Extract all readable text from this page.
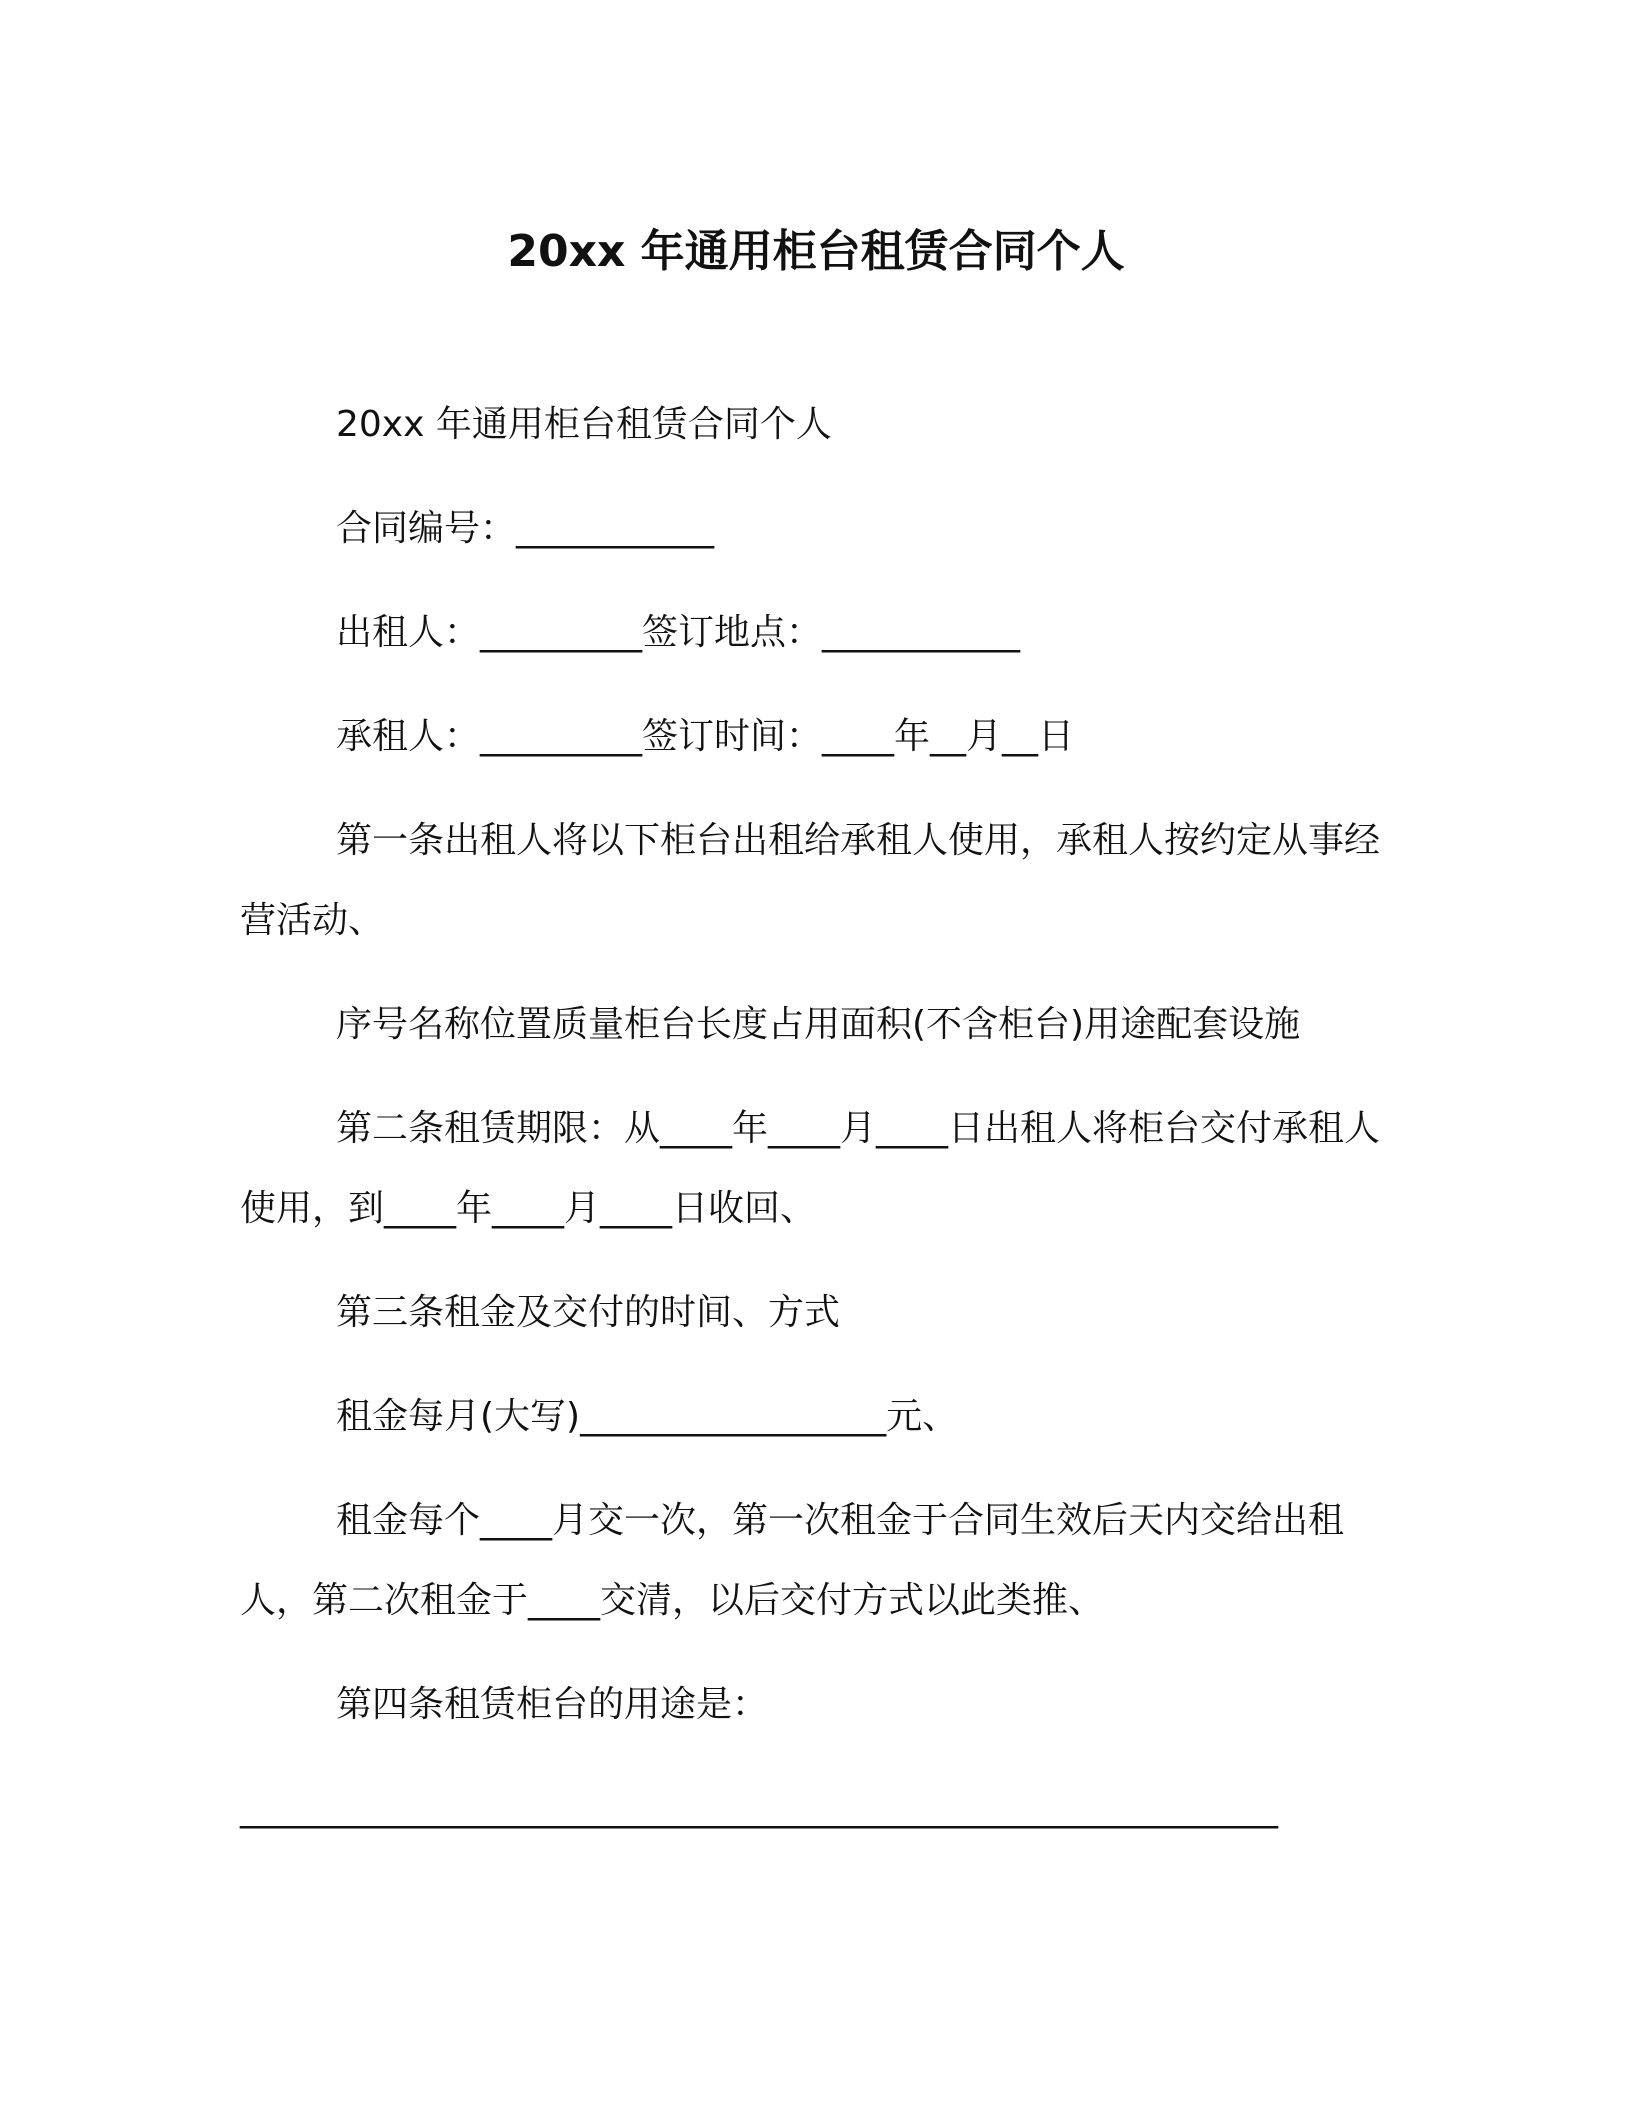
20xx 年通用柜台租赁合同个人

20xx 年通用柜台租赁合同个人

合同编号：___________

出租人：_________签订地点：___________

承租人：_________签订时间：____年__月__日

第一条出租人将以下柜台出租给承租人使用，承租人按约定从事经营活动、

序号名称位置质量柜台长度占用面积(不含柜台)用途配套设施

第二条租赁期限：从____年____月____日出租人将柜台交付承租人使用，到____年____月____日收回、

第三条租金及交付的时间、方式

租金每月(大写)_________________元、

租金每个____月交一次，第一次租金于合同生效后天内交给出租人，第二次租金于____交清，以后交付方式以此类推、

第四条租赁柜台的用途是：

_____________________________________________________________
